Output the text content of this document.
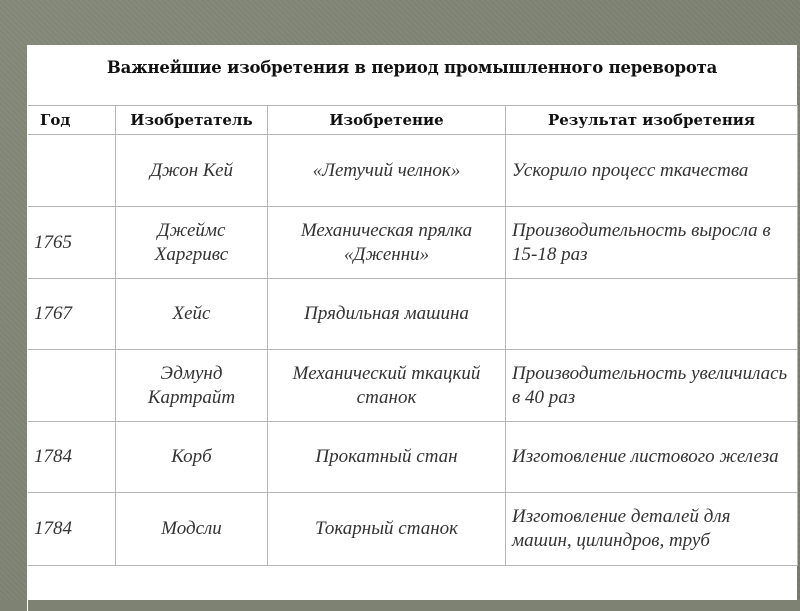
Важнейшие изобретения в период промышленного переворота
Год	Изобретатель	Изобретение	Результат изобретения
	Джон Кей	«Летучий челнок»	Ускорило процесс ткачества
1765	Джеймс Харгривс	Механическая прялка «Дженни»	Производительность выросла в 15-18 раз
1767	Хейс	Прядильная машина	
	Эдмунд Картрайт	Механический ткацкий станок	Производительность увеличилась в 40 раз
1784	Корб	Прокатный стан	Изготовление листового железа
1784	Модсли	Токарный станок	Изготовление деталей для машин, цилиндров, труб
